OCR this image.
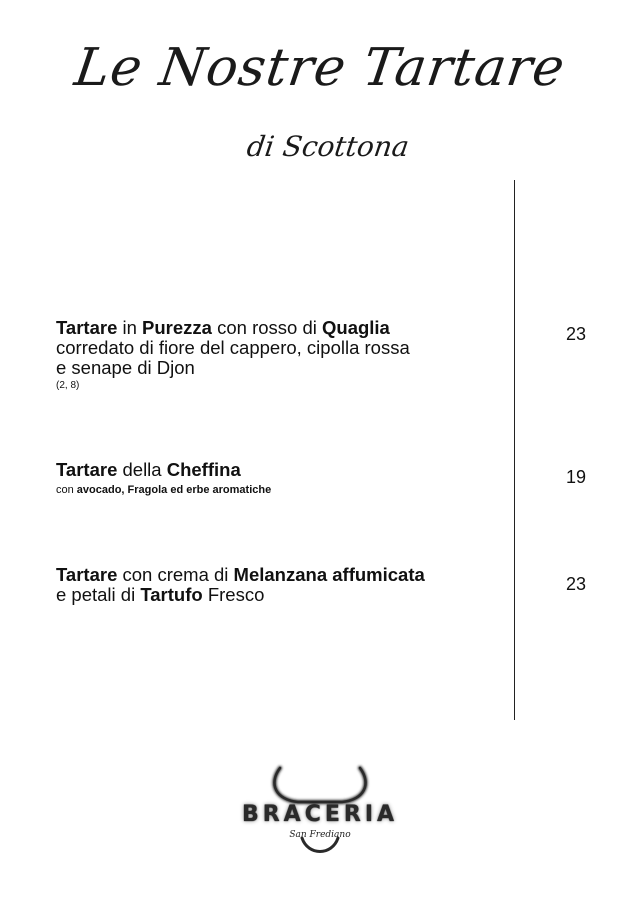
Le Nostre Tartare
di Scottona
Tartare in Purezza con rosso di Quaglia
corredato di fiore del cappero, cipolla rossa
e senape di Djon
(2, 8)
23
Tartare della Cheffina
con avocado, Fragola ed erbe aromatiche
19
Tartare con crema di Melanzana affumicata
e petali di Tartufo Fresco	23
BRACERIA
San Frediano
